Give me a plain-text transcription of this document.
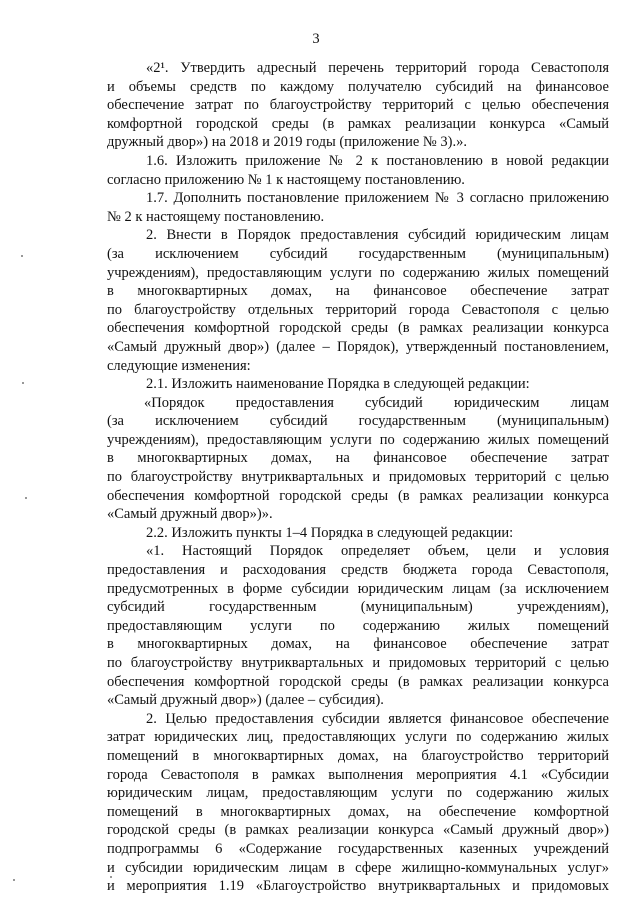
3
«2¹. Утвердить адресный перечень территорий города Севастополя
и объемы средств по каждому получателю субсидий на финансовое
обеспечение затрат по благоустройству территорий с целью обеспечения
комфортной городской среды (в рамках реализации конкурса «Самый
дружный двор») на 2018 и 2019 годы (приложение № 3).».
1.6. Изложить приложение № 2 к постановлению в новой редакции
согласно приложению № 1 к настоящему постановлению.
1.7. Дополнить постановление приложением № 3 согласно приложению
№ 2 к настоящему постановлению.
2. Внести в Порядок предоставления субсидий юридическим лицам
(за исключением субсидий государственным (муниципальным)
учреждениям), предоставляющим услуги по содержанию жилых помещений
в многоквартирных домах, на финансовое обеспечение затрат
по благоустройству отдельных территорий города Севастополя с целью
обеспечения комфортной городской среды (в рамках реализации конкурса
«Самый дружный двор») (далее – Порядок), утвержденный постановлением,
следующие изменения:
2.1. Изложить наименование Порядка в следующей редакции:
«Порядок предоставления субсидий юридическим лицам
(за исключением субсидий государственным (муниципальным)
учреждениям), предоставляющим услуги по содержанию жилых помещений
в многоквартирных домах, на финансовое обеспечение затрат
по благоустройству внутриквартальных и придомовых территорий с целью
обеспечения комфортной городской среды (в рамках реализации конкурса
«Самый дружный двор»)».
2.2. Изложить пункты 1–4 Порядка в следующей редакции:
«1. Настоящий Порядок определяет объем, цели и условия
предоставления и расходования средств бюджета города Севастополя,
предусмотренных в форме субсидии юридическим лицам (за исключением
субсидий государственным (муниципальным) учреждениям),
предоставляющим услуги по содержанию жилых помещений
в многоквартирных домах, на финансовое обеспечение затрат
по благоустройству внутриквартальных и придомовых территорий с целью
обеспечения комфортной городской среды (в рамках реализации конкурса
«Самый дружный двор») (далее – субсидия).
2. Целью предоставления субсидии является финансовое обеспечение
затрат юридических лиц, предоставляющих услуги по содержанию жилых
помещений в многоквартирных домах, на благоустройство территорий
города Севастополя в рамках выполнения мероприятия 4.1 «Субсидии
юридическим лицам, предоставляющим услуги по содержанию жилых
помещений в многоквартирных домах, на обеспечение комфортной
городской среды (в рамках реализации конкурса «Самый дружный двор»)
подпрограммы 6 «Содержание государственных казенных учреждений
и субсидии юридическим лицам в сфере жилищно-коммунальных услуг»
и мероприятия 1.19 «Благоустройство внутриквартальных и придомовых
